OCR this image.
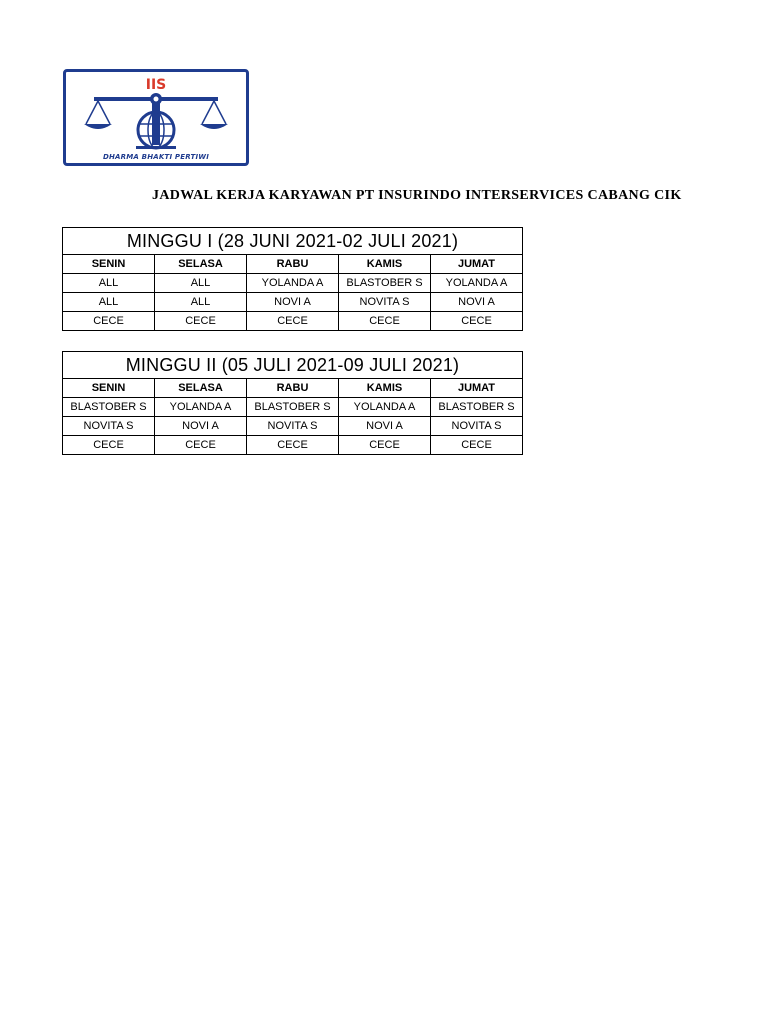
IIS
DHARMA BHAKTI PERTIWI
JADWAL KERJA KARYAWAN PT INSURINDO INTERSERVICES CABANG CIK
MINGGU I (28 JUNI 2021-02 JULI 2021)				
SENIN	SELASA	RABU	KAMIS	JUMAT
ALL	ALL	YOLANDA A	BLASTOBER S	YOLANDA A
ALL	ALL	NOVI A	NOVITA S	NOVI A
CECE	CECE	CECE	CECE	CECE
MINGGU II (05 JULI 2021-09 JULI 2021)				
SENIN	SELASA	RABU	KAMIS	JUMAT
BLASTOBER S	YOLANDA A	BLASTOBER S	YOLANDA A	BLASTOBER S
NOVITA S	NOVI A	NOVITA S	NOVI A	NOVITA S
CECE	CECE	CECE	CECE	CECE
